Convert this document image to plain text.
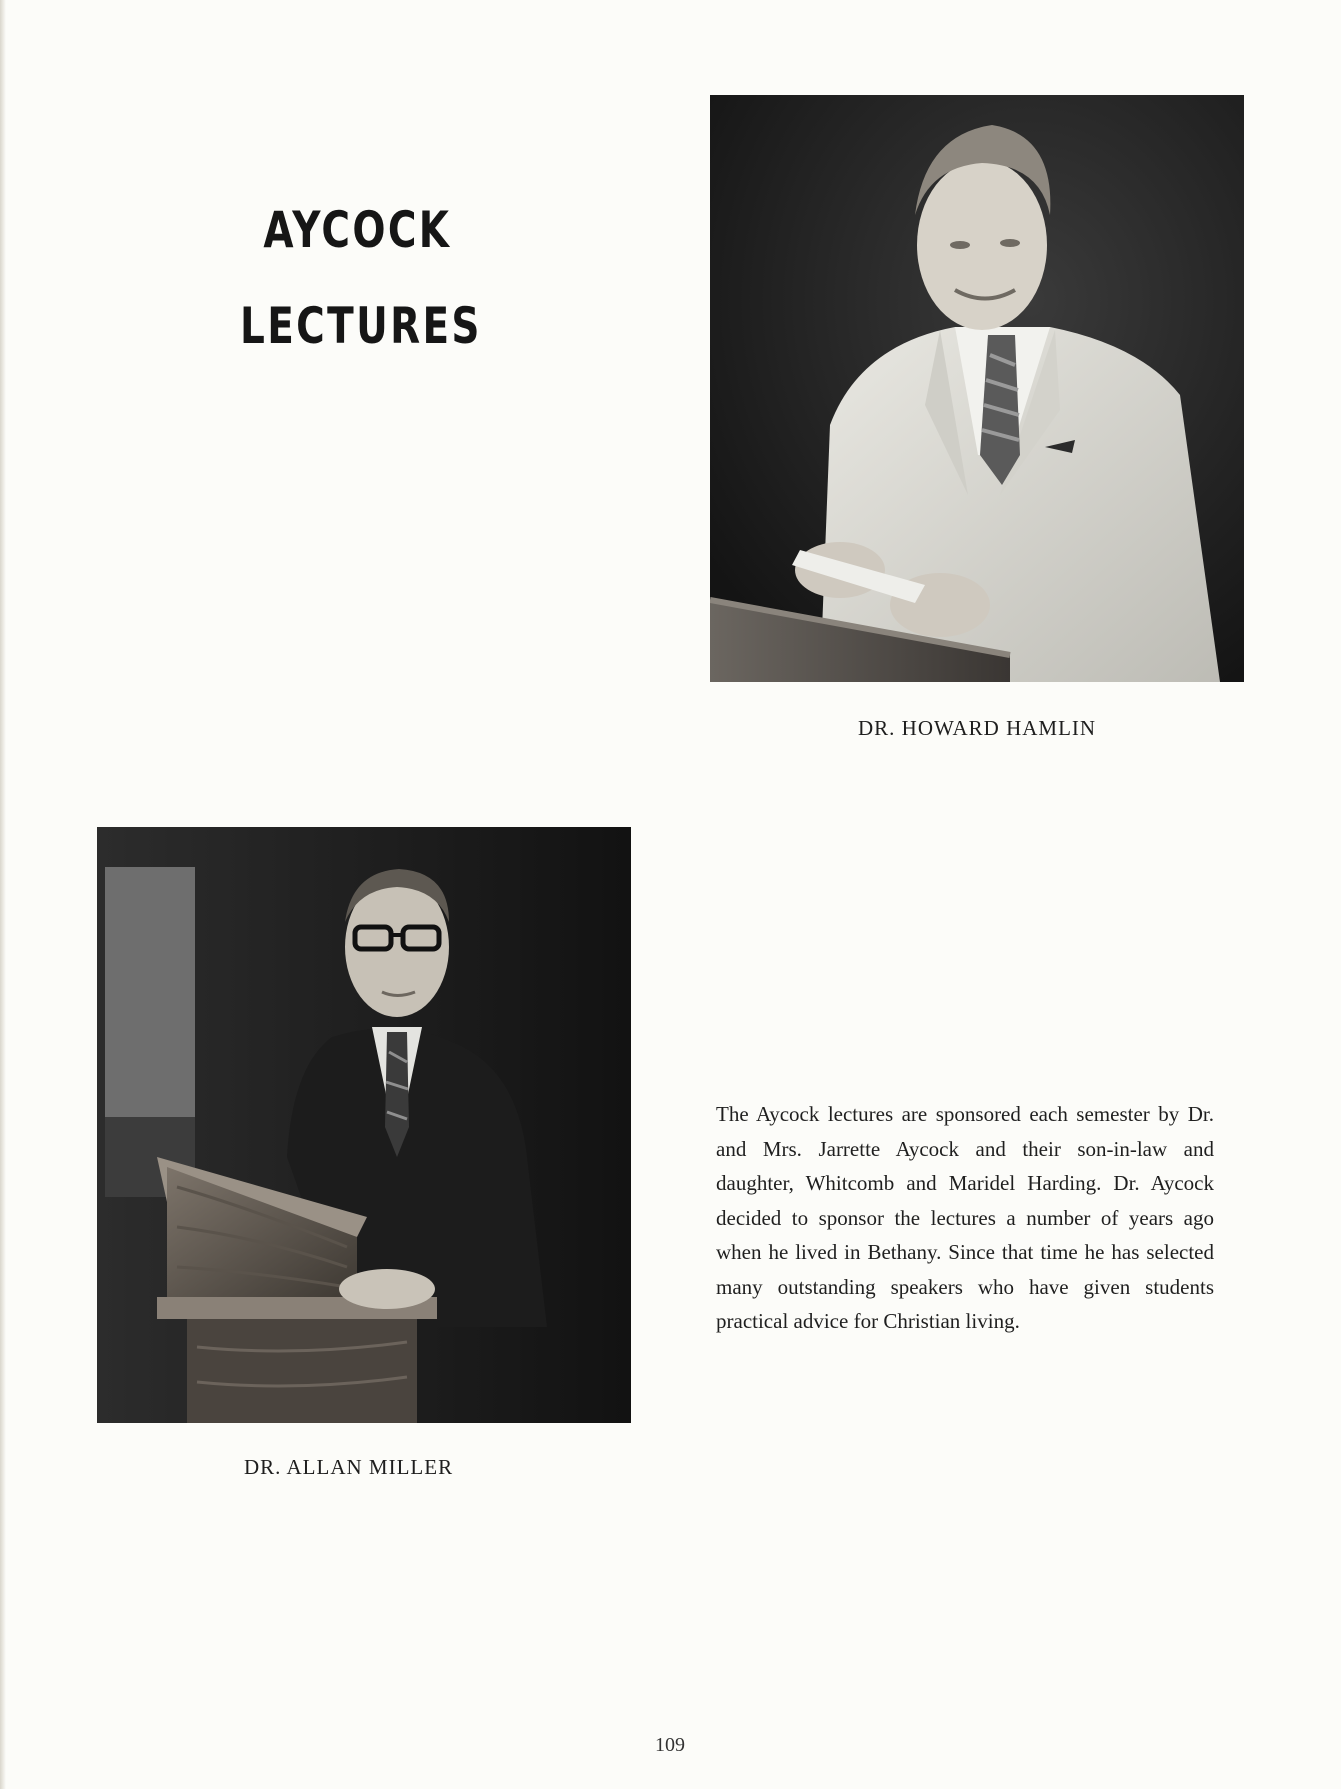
AYCOCK
LECTURES
DR. HOWARD HAMLIN
DR. ALLAN MILLER

The Aycock lectures are sponsored each semester by Dr. and Mrs. Jarrette Aycock and their son-in-law and daughter, Whitcomb and Maridel Harding. Dr. Aycock decided to sponsor the lectures a number of years ago when he lived in Bethany. Since that time he has selected many outstanding speakers who have given students practical advice for Christian living.

109
